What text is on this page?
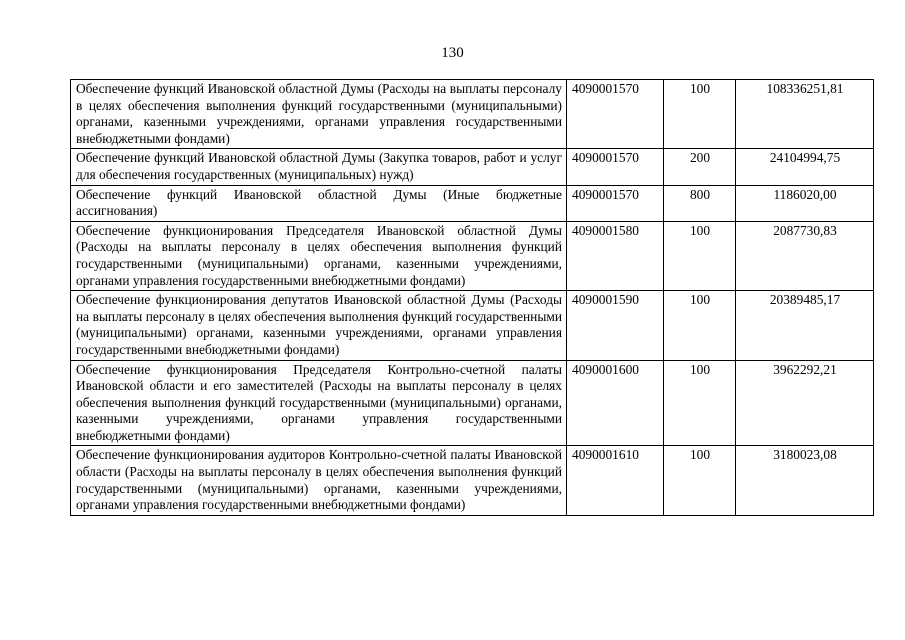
130
Обеспечение функций Ивановской областной Думы (Расходы на выплаты персоналу в целях обеспечения выполнения функций государственными (муниципальными) органами, казенными учреждениями, органами управления государственными внебюджетными фондами)	4090001570	100	108336251,81
Обеспечение функций Ивановской областной Думы (Закупка товаров, работ и услуг для обеспечения государственных (муниципальных) нужд)	4090001570	200	24104994,75
Обеспечение функций Ивановской областной Думы (Иные бюджетные ассигнования)	4090001570	800	1186020,00
Обеспечение функционирования Председателя Ивановской областной Думы (Расходы на выплаты персоналу в целях обеспечения выполнения функций государственными (муниципальными) органами, казенными учреждениями, органами управления государственными внебюджетными фондами)	4090001580	100	2087730,83
Обеспечение функционирования депутатов Ивановской областной Думы (Расходы на выплаты персоналу в целях обеспечения выполнения функций государственными (муниципальными) органами, казенными учреждениями, органами управления государственными внебюджетными фондами)	4090001590	100	20389485,17
Обеспечение функционирования Председателя Контрольно-счетной палаты Ивановской области и его заместителей (Расходы на выплаты персоналу в целях обеспечения выполнения функций государственными (муниципальными) органами, казенными учреждениями, органами управления государственными внебюджетными фондами)	4090001600	100	3962292,21
Обеспечение функционирования аудиторов Контрольно-счетной палаты Ивановской области (Расходы на выплаты персоналу в целях обеспечения выполнения функций государственными (муниципальными) органами, казенными учреждениями, органами управления государственными внебюджетными фондами)	4090001610	100	3180023,08
